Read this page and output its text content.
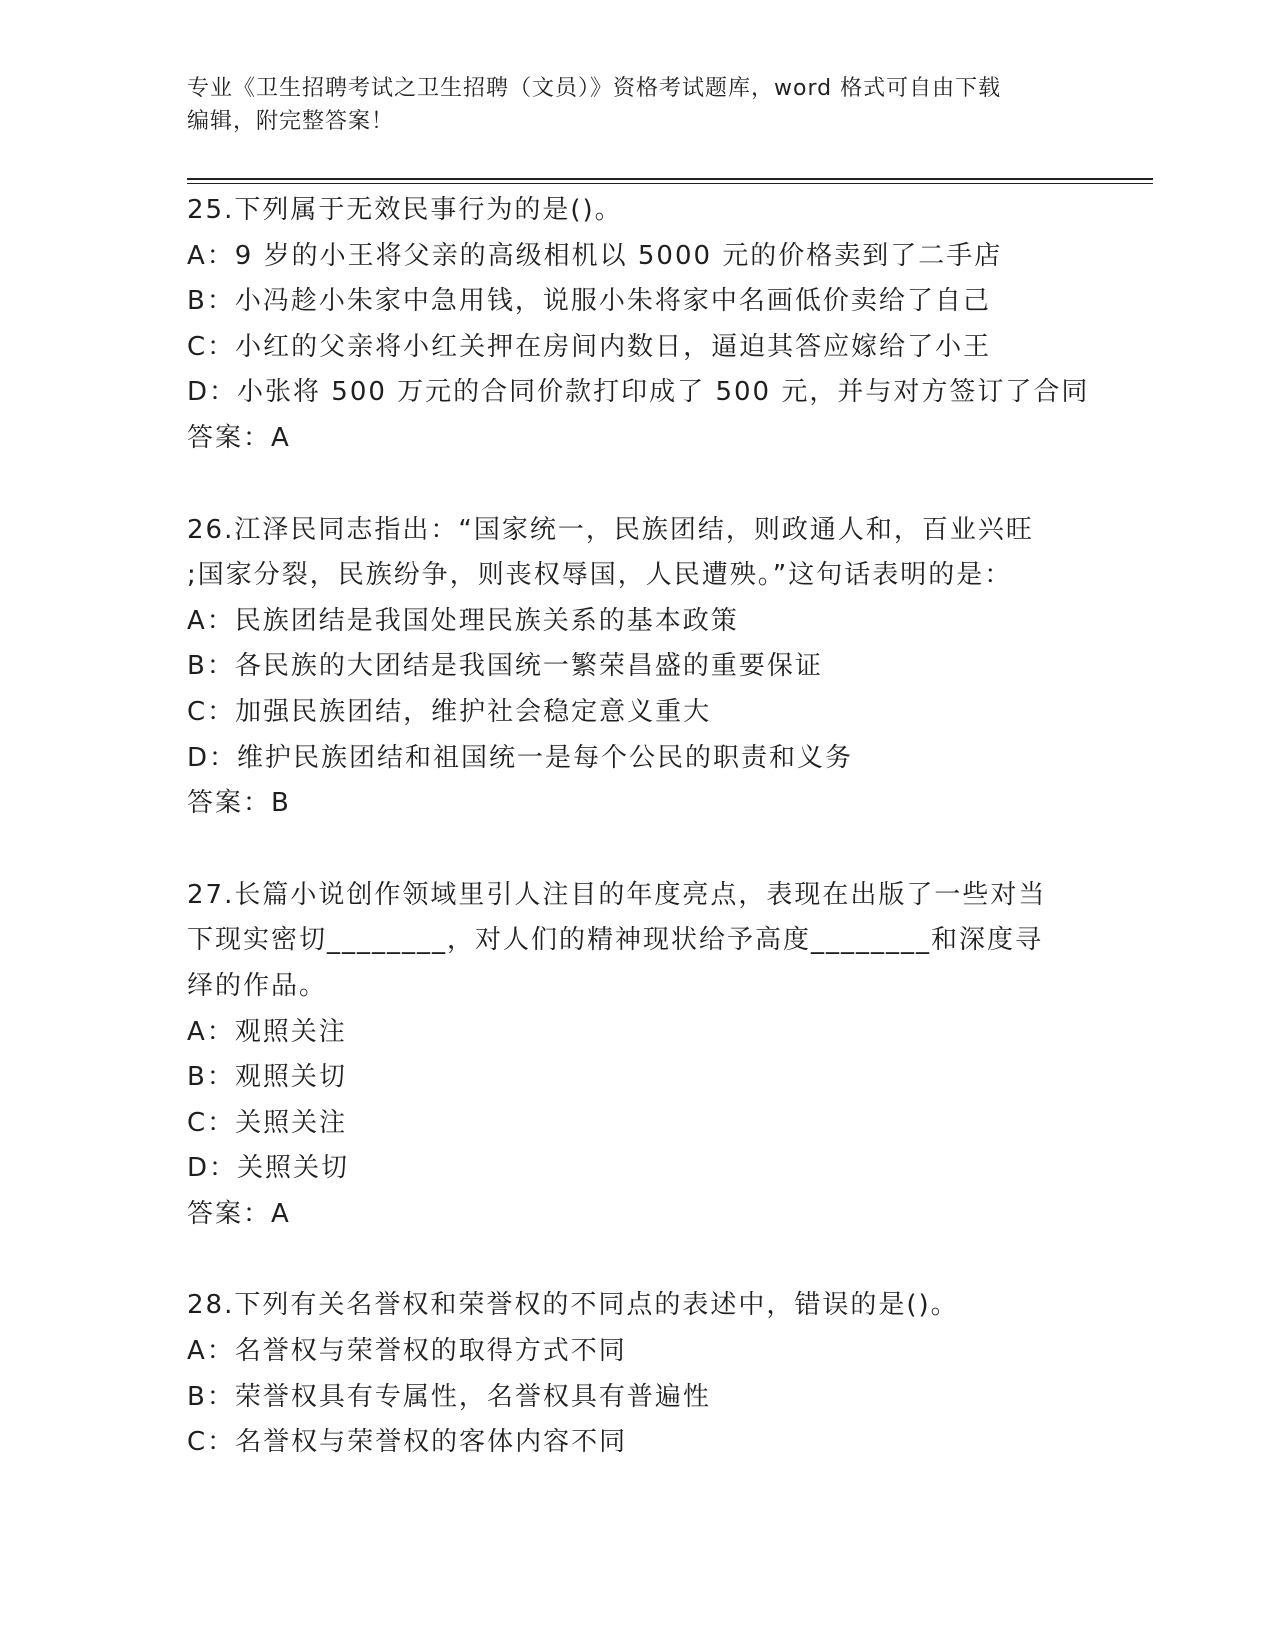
专业《卫生招聘考试之卫生招聘（文员）》资格考试题库，word 格式可自由下载
编辑，附完整答案！
25.下列属于无效民事行为的是()。
A：9 岁的小王将父亲的高级相机以 5000 元的价格卖到了二手店
B：小冯趁小朱家中急用钱，说服小朱将家中名画低价卖给了自己
C：小红的父亲将小红关押在房间内数日，逼迫其答应嫁给了小王
D：小张将 500 万元的合同价款打印成了 500 元，并与对方签订了合同
答案：A
26.江泽民同志指出：“国家统一，民族团结，则政通人和，百业兴旺
;国家分裂，民族纷争，则丧权辱国，人民遭殃。”这句话表明的是：
A：民族团结是我国处理民族关系的基本政策
B：各民族的大团结是我国统一繁荣昌盛的重要保证
C：加强民族团结，维护社会稳定意义重大
D：维护民族团结和祖国统一是每个公民的职责和义务
答案：B
27.长篇小说创作领域里引人注目的年度亮点，表现在出版了一些对当
下现实密切________，对人们的精神现状给予高度________和深度寻
绎的作品。
A：观照关注
B：观照关切
C：关照关注
D：关照关切
答案：A
28.下列有关名誉权和荣誉权的不同点的表述中，错误的是()。
A：名誉权与荣誉权的取得方式不同
B：荣誉权具有专属性，名誉权具有普遍性
C：名誉权与荣誉权的客体内容不同
